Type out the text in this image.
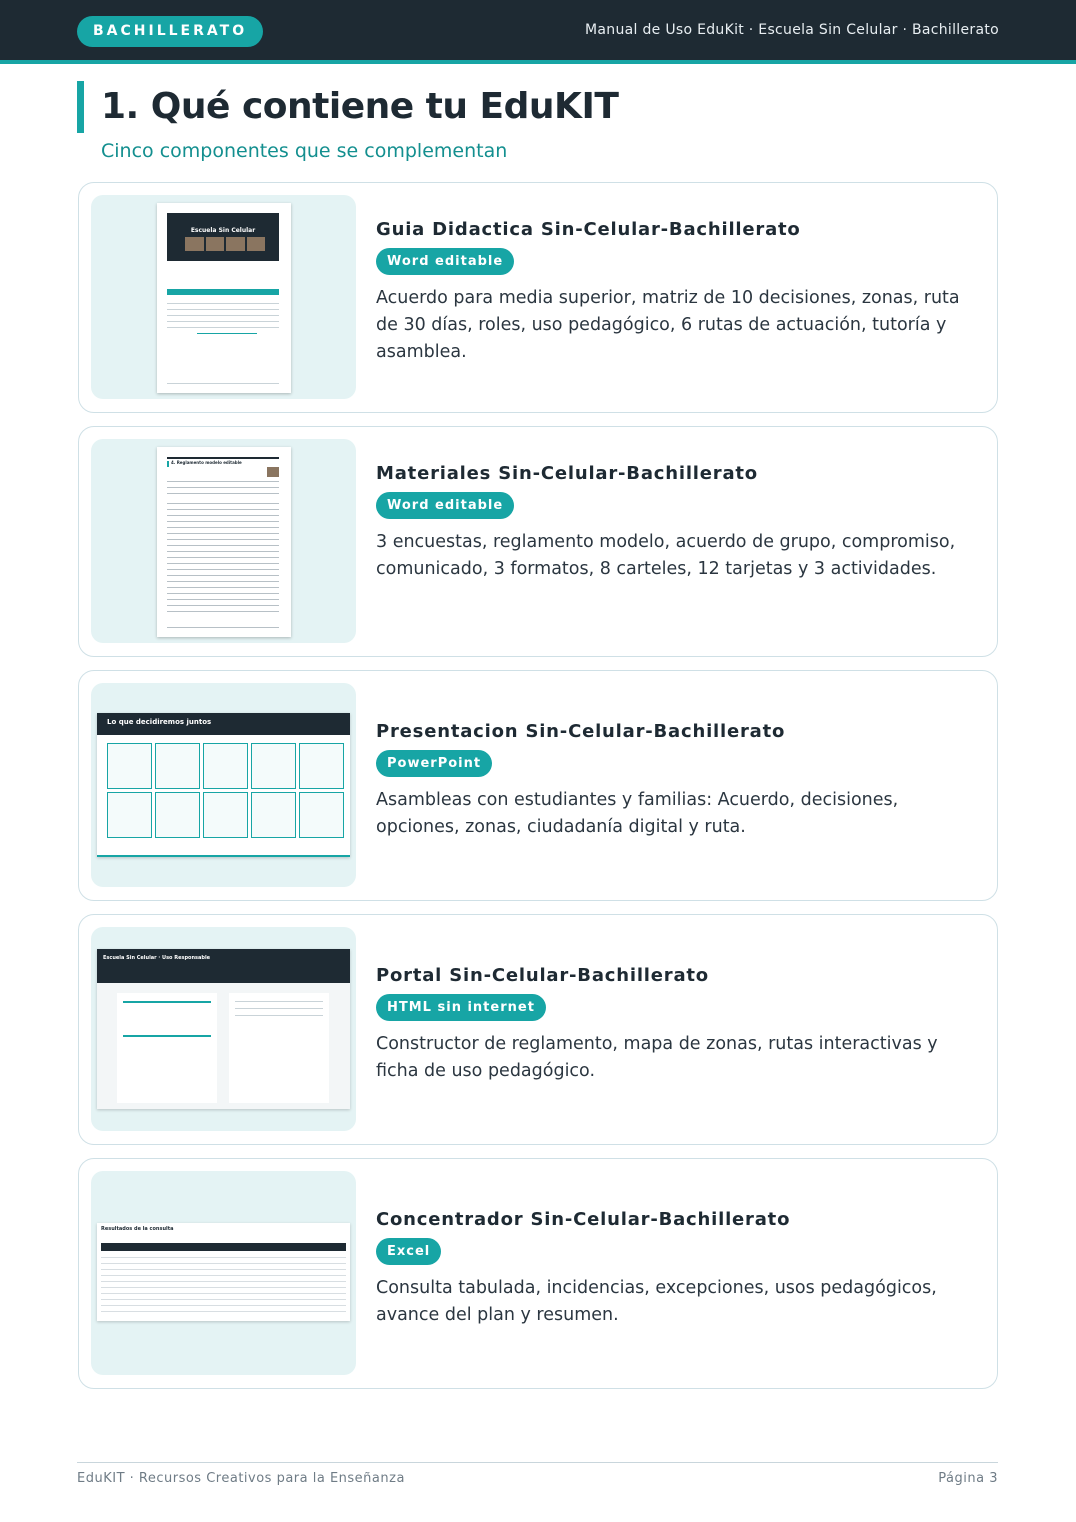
BACHILLERATO	Manual de Uso EduKit · Escuela Sin Celular · Bachillerato
1. Qué contiene tu EduKIT
Cinco componentes que se complementan
Escuela Sin Celular	Guia Didactica Sin-Celular-Bachillerato
Word editable
Acuerdo para media superior, matriz de 10 decisiones, zonas, ruta de 30 días, roles, uso pedagógico, 6 rutas de actuación, tutoría y asamblea.
4. Reglamento modelo editable
Materiales Sin-Celular-Bachillerato
Word editable
3 encuestas, reglamento modelo, acuerdo de grupo, compromiso, comunicado, 3 formatos, 8 carteles, 12 tarjetas y 3 actividades.
Lo que decidiremos juntos	Presentacion Sin-Celular-Bachillerato
PowerPoint
Asambleas con estudiantes y familias: Acuerdo, decisiones, opciones, zonas, ciudadanía digital y ruta.
Escuela Sin Celular · Uso Responsable
Portal Sin-Celular-Bachillerato
HTML sin internet
Constructor de reglamento, mapa de zonas, rutas interactivas y ficha de uso pedagógico.
Resultados de la consulta	Concentrador Sin-Celular-Bachillerato
Excel
Consulta tabulada, incidencias, excepciones, usos pedagógicos, avance del plan y resumen.
EduKIT · Recursos Creativos para la Enseñanza	Página 3
